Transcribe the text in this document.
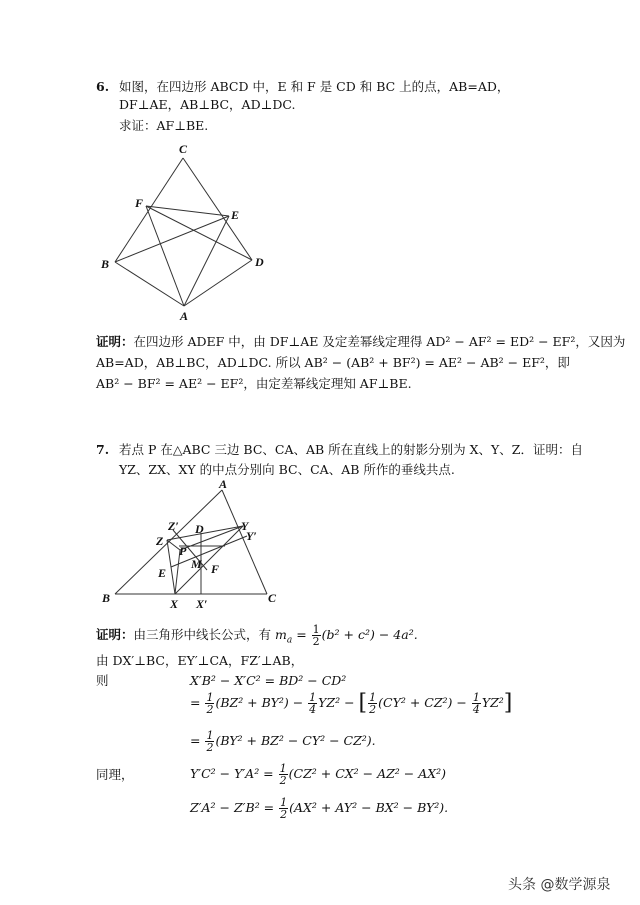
6. 如图，在四边形 ABCD 中，E 和 F 是 CD 和 BC 上的点，AB=AD，
DF⊥AE，AB⊥BC，AD⊥DC.
求证：AF⊥BE.
C
F
E
B	D
A
证明：在四边形 ADEF 中，由 DF⊥AE 及定差幂线定理得 AD² − AF² = ED² − EF²，又因为
AB=AD，AB⊥BC，AD⊥DC. 所以 AB² − (AB² + BF²) = AE² − AB² − EF²，即
AB² − BF² = AE² − EF²，由定差幂线定理知 AF⊥BE.
7. 若点 P 在△ABC 三边 BC、CA、AB 所在直线上的射影分别为 X、Y、Z．证明：自
YZ、ZX、XY 的中点分别向 BC、CA、AB 所作的垂线共点.
A
Z′ D	Y
Y′
Z
P
M
E	F
B	X X′	C
证明：由三角形中线长公式，有 $m_a = \frac{1}{2} (b^2 + c^2) - 4a^2$.
由 DX′⊥BC，EY′⊥CA，FZ′⊥AB，
则	X′B² − X′C² = BD² − CD²
= $\frac{1}{2} (BZ^2 + BY^2) - \frac{1}{4} YZ^2$ − [ $\frac{1}{2} (CY^2 + CZ^2) - \frac{1}{4} YZ^2$]
= $\frac{1}{2} (BY^2 + BZ^2 - CY^2 - CZ^2)$.
同理，	$Y'C^2 - Y'A^2 = \frac{1}{2} (CZ^2 + CX^2 - AZ^2 - AX^2)$
$Z'A^2 - Z'B^2 = \frac{1}{2} (AX^2 + AY^2 - BX^2 - BY^2)$.
头条 @数学源泉
